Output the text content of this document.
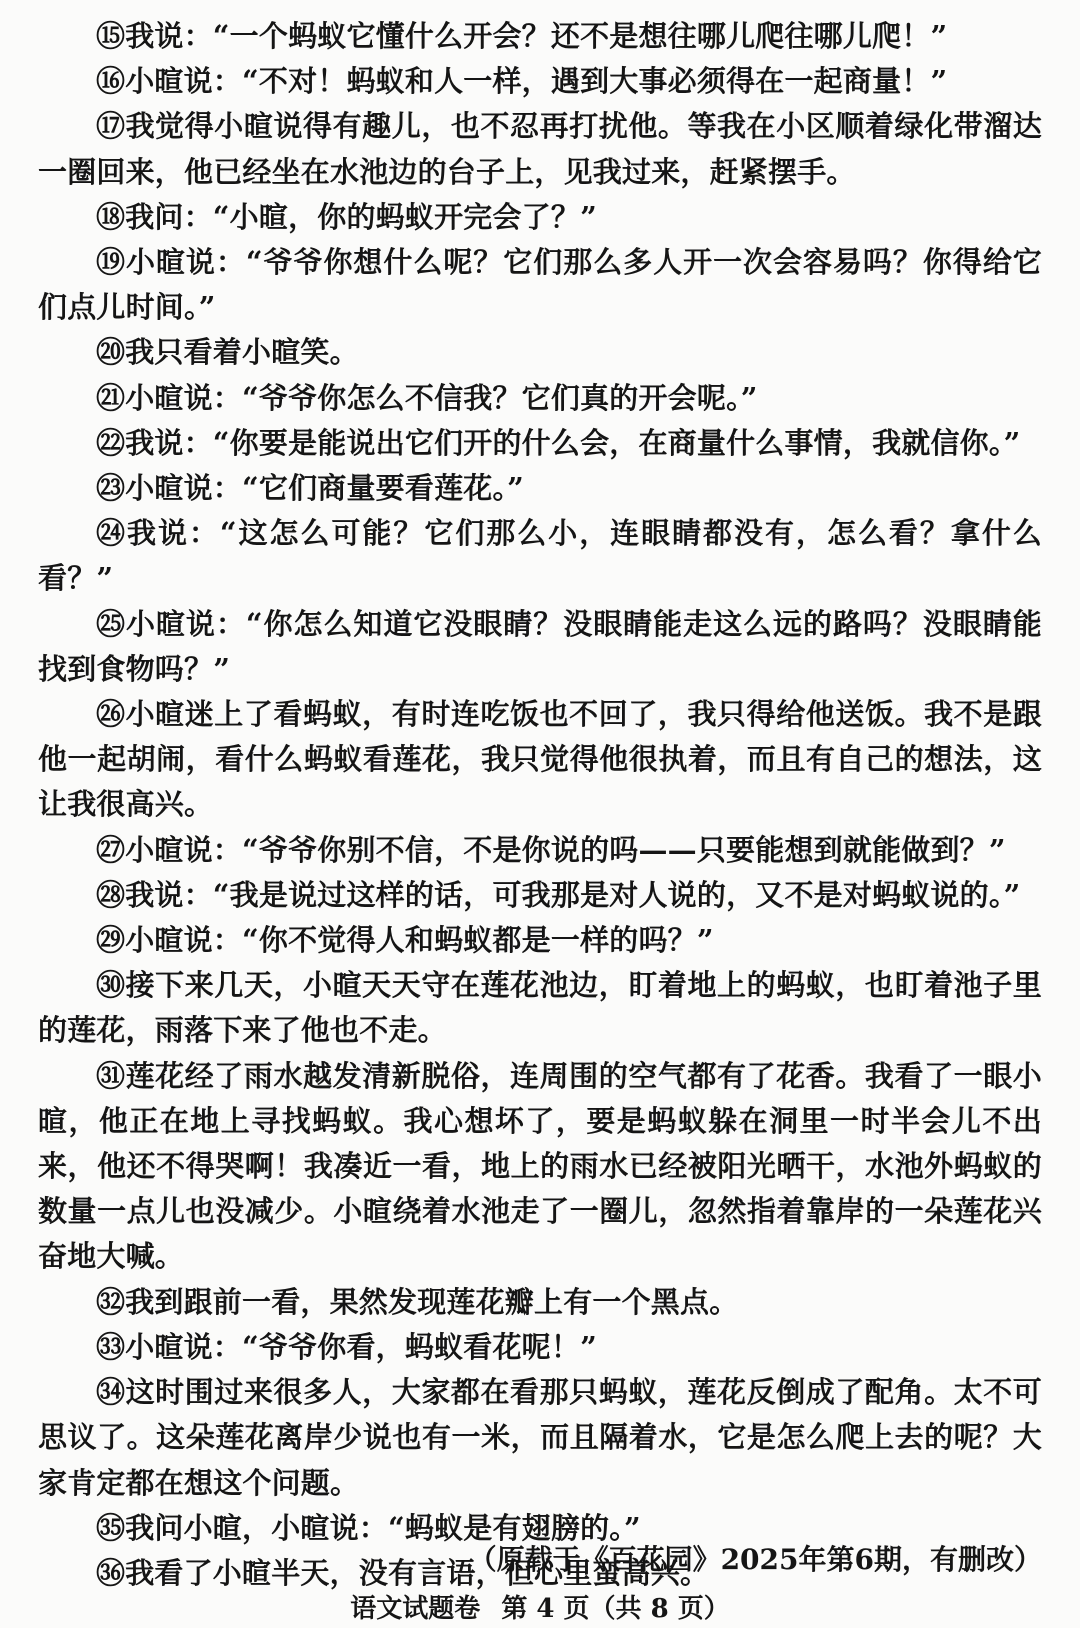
⑮我说：“一个蚂蚁它懂什么开会？还不是想往哪儿爬往哪儿爬！”

⑯小暄说：“不对！蚂蚁和人一样，遇到大事必须得在一起商量！”

⑰我觉得小暄说得有趣儿，也不忍再打扰他。等我在小区顺着绿化带溜达一圈回来，他已经坐在水池边的台子上，见我过来，赶紧摆手。

⑱我问：“小暄，你的蚂蚁开完会了？”

⑲小暄说：“爷爷你想什么呢？它们那么多人开一次会容易吗？你得给它们点儿时间。”

⑳我只看着小暄笑。

㉑小暄说：“爷爷你怎么不信我？它们真的开会呢。”

㉒我说：“你要是能说出它们开的什么会，在商量什么事情，我就信你。”

㉓小暄说：“它们商量要看莲花。”

㉔我说：“这怎么可能？它们那么小，连眼睛都没有，怎么看？拿什么看？”

㉕小暄说：“你怎么知道它没眼睛？没眼睛能走这么远的路吗？没眼睛能找到食物吗？”

㉖小暄迷上了看蚂蚁，有时连吃饭也不回了，我只得给他送饭。我不是跟他一起胡闹，看什么蚂蚁看莲花，我只觉得他很执着，而且有自己的想法，这让我很高兴。

㉗小暄说：“爷爷你别不信，不是你说的吗——只要能想到就能做到？”

㉘我说：“我是说过这样的话，可我那是对人说的，又不是对蚂蚁说的。”

㉙小暄说：“你不觉得人和蚂蚁都是一样的吗？”

㉚接下来几天，小暄天天守在莲花池边，盯着地上的蚂蚁，也盯着池子里的莲花，雨落下来了他也不走。

㉛莲花经了雨水越发清新脱俗，连周围的空气都有了花香。我看了一眼小暄，他正在地上寻找蚂蚁。我心想坏了，要是蚂蚁躲在洞里一时半会儿不出来，他还不得哭啊！我凑近一看，地上的雨水已经被阳光晒干，水池外蚂蚁的数量一点儿也没减少。小暄绕着水池走了一圈儿，忽然指着靠岸的一朵莲花兴奋地大喊。

㉜我到跟前一看，果然发现莲花瓣上有一个黑点。

㉝小暄说：“爷爷你看，蚂蚁看花呢！”

㉞这时围过来很多人，大家都在看那只蚂蚁，莲花反倒成了配角。太不可思议了。这朵莲花离岸少说也有一米，而且隔着水，它是怎么爬上去的呢？大家肯定都在想这个问题。

㉟我问小暄，小暄说：“蚂蚁是有翅膀的。”

㊱我看了小暄半天，没有言语，但心里蛮高兴。

（原载于《百花园》2025年第6期，有删改）
语文试题卷 第 4 页（共 8 页）
